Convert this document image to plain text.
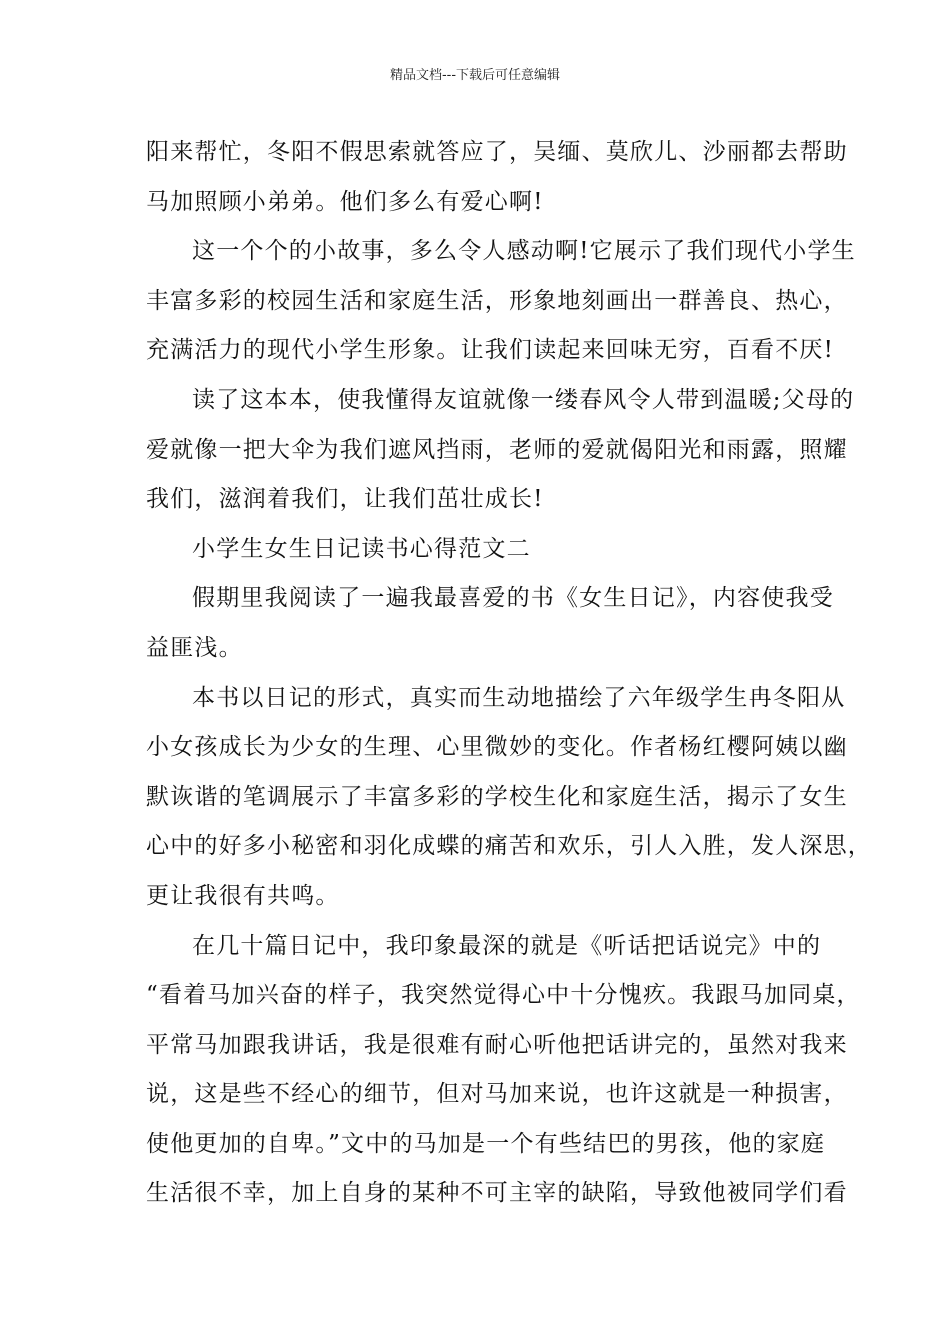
精品文档---下载后可任意编辑
阳来帮忙，冬阳不假思索就答应了，吴缅、莫欣儿、沙丽都去帮助
马加照顾小弟弟。他们多么有爱心啊!
这一个个的小故事，多么令人感动啊!它展示了我们现代小学生
丰富多彩的校园生活和家庭生活，形象地刻画出一群善良、热心，
充满活力的现代小学生形象。让我们读起来回味无穷，百看不厌!
读了这本本，使我懂得友谊就像一缕春风令人带到温暖;父母的
爱就像一把大伞为我们遮风挡雨，老师的爱就偈阳光和雨露，照耀
我们，滋润着我们，让我们茁壮成长!
小学生女生日记读书心得范文二
假期里我阅读了一遍我最喜爱的书《女生日记》，内容使我受
益匪浅。
本书以日记的形式，真实而生动地描绘了六年级学生冉冬阳从
小女孩成长为少女的生理、心里微妙的变化。作者杨红樱阿姨以幽
默诙谐的笔调展示了丰富多彩的学校生化和家庭生活，揭示了女生
心中的好多小秘密和羽化成蝶的痛苦和欢乐，引人入胜，发人深思，
更让我很有共鸣。
在几十篇日记中，我印象最深的就是《听话把话说完》中的
“看着马加兴奋的样子，我突然觉得心中十分愧疚。我跟马加同桌，
平常马加跟我讲话，我是很难有耐心听他把话讲完的，虽然对我来
说，这是些不经心的细节，但对马加来说，也许这就是一种损害，
使他更加的自卑。”文中的马加是一个有些结巴的男孩，他的家庭
生活很不幸，加上自身的某种不可主宰的缺陷，导致他被同学们看
